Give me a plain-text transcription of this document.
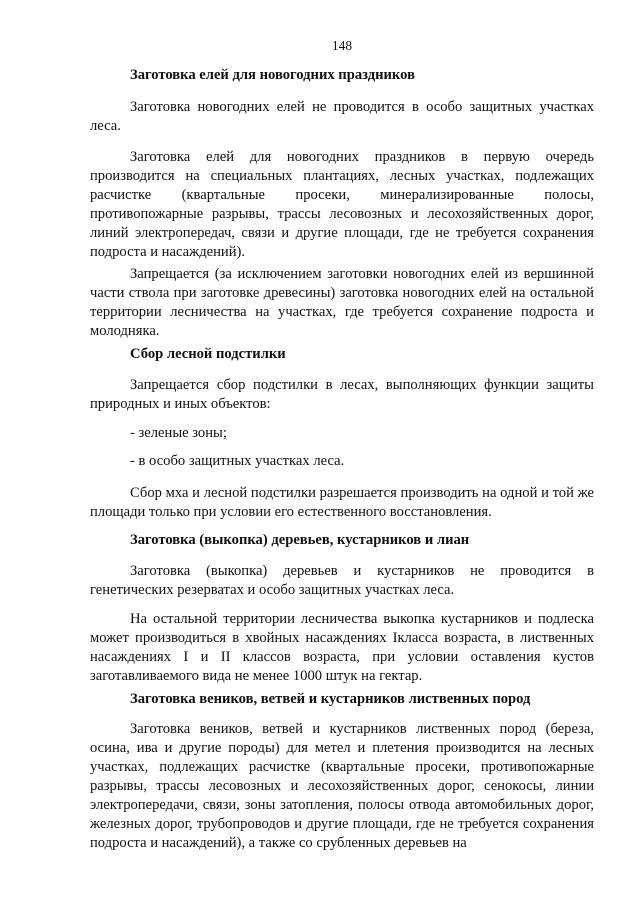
148
Заготовка елей для новогодних праздников

Заготовка новогодних елей не проводится в особо защитных участках леса.

Заготовка елей для новогодних праздников в первую очередь производится на специальных плантациях, лесных участках, подлежащих расчистке (квартальные просеки, минерализированные полосы, противопожарные разрывы, трассы лесовозных и лесохозяйственных дорог, линий электропередач, связи и другие площади, где не требуется сохранения подроста и насаждений).

Запрещается (за исключением заготовки новогодних елей из вершинной части ствола при заготовке древесины) заготовка новогодних елей на остальной территории лесничества на участках, где требуется сохранение подроста и молодняка.

Сбор лесной подстилки

Запрещается сбор подстилки в лесах, выполняющих функции защиты природных и иных объектов:

- зеленые зоны;

- в особо защитных участках леса.

Сбор мха и лесной подстилки разрешается производить на одной и той же площади только при условии его естественного восстановления.

Заготовка (выкопка) деревьев, кустарников и лиан

Заготовка (выкопка) деревьев и кустарников не проводится в генетических резерватах и особо защитных участках леса.

На остальной территории лесничества выкопка кустарников и подлеска может производиться в хвойных насаждениях Iкласса возраста, в лиственных насаждениях I и II классов возраста, при условии оставления кустов заготавливаемого вида не менее 1000 штук на гектар.

Заготовка веников, ветвей и кустарников лиственных пород

Заготовка веников, ветвей и кустарников лиственных пород (береза, осина, ива и другие породы) для метел и плетения производится на лесных участках, подлежащих расчистке (квартальные просеки, противопожарные разрывы, трассы лесовозных и лесохозяйственных дорог, сенокосы, линии электропередачи, связи, зоны затопления, полосы отвода автомобильных дорог, железных дорог, трубопроводов и другие площади, где не требуется сохранения подроста и насаждений), а также со срубленных деревьев на
